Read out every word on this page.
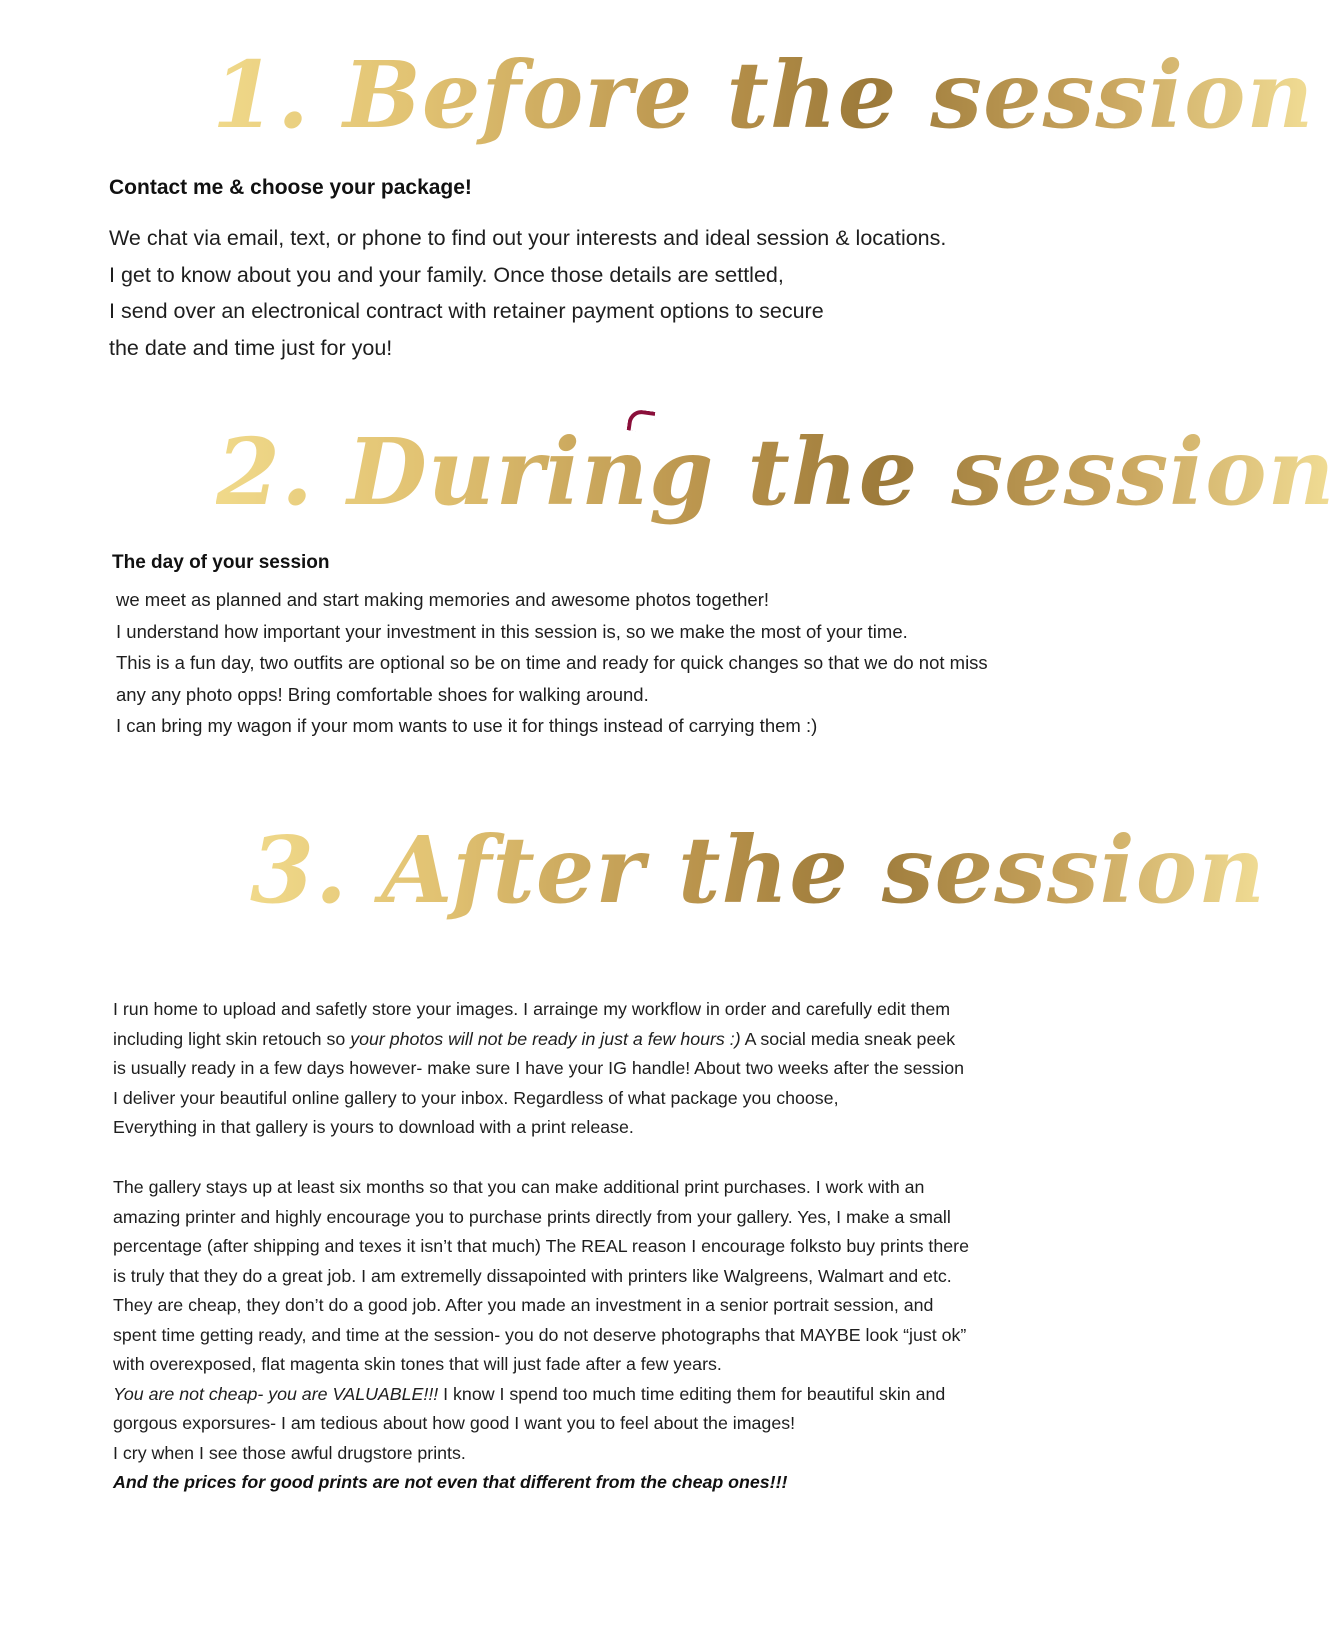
1. Before the session
Contact me & choose your package!
We chat via email, text, or phone to find out your interests and ideal session & locations.
I get to know about you and your family. Once those details are settled,
I send over an electronical contract with retainer payment options to secure
the date and time just for you!
2. During the session
The day of your session
we meet as planned and start making memories and awesome photos together!
I understand how important your investment in this session is, so we make the most of your time.
This is a fun day, two outfits are optional so be on time and ready for quick changes so that we do not miss
any any photo opps! Bring comfortable shoes for walking around.
I can bring my wagon if your mom wants to use it for things instead of carrying them :)
3. After the session
I run home to upload and safetly store your images. I arrainge my workflow in order and carefully edit them
including light skin retouch so your photos will not be ready in just a few hours :) A social media sneak peek
is usually ready in a few days however- make sure I have your IG handle! About two weeks after the session
I deliver your beautiful online gallery to your inbox. Regardless of what package you choose,
Everything in that gallery is yours to download with a print release.
The gallery stays up at least six months so that you can make additional print purchases. I work with an
amazing printer and highly encourage you to purchase prints directly from your gallery. Yes, I make a small
percentage (after shipping and texes it isn’t that much) The REAL reason I encourage folksto buy prints there
is truly that they do a great job. I am extremelly dissapointed with printers like Walgreens, Walmart and etc.
They are cheap, they don’t do a good job. After you made an investment in a senior portrait session, and
spent time getting ready, and time at the session- you do not deserve photographs that MAYBE look “just ok”
with overexposed, flat magenta skin tones that will just fade after a few years.
You are not cheap- you are VALUABLE!!! I know I spend too much time editing them for beautiful skin and
gorgous exporsures- I am tedious about how good I want you to feel about the images!
I cry when I see those awful drugstore prints.
And the prices for good prints are not even that different from the cheap ones!!!
